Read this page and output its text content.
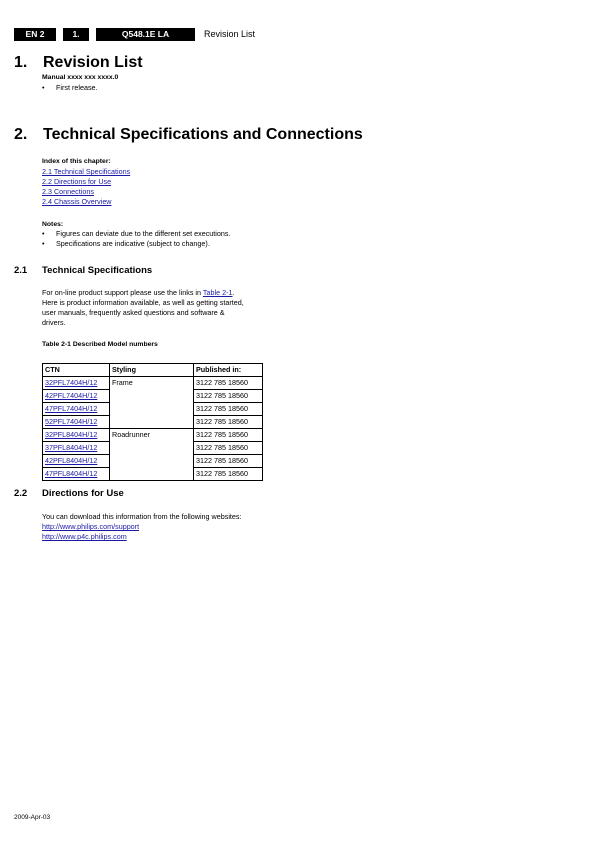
EN 2	1.	Q548.1E LA	Revision List
1. Revision List
Manual xxxx xxx xxxx.0
• First release.
2. Technical Specifications and Connections
Index of this chapter:
2.1 Technical Specifications
2.2 Directions for Use
2.3 Connections
2.4 Chassis Overview
Notes:
• Figures can deviate due to the different set executions.
• Specifications are indicative (subject to change).
2.1 Technical Specifications
For on-line product support please use the links in Table 2-1.
Here is product information available, as well as getting started,
user manuals, frequently asked questions and software &
drivers.
Table 2-1 Described Model numbers
CTN	Styling	Published in:
32PFL7404H/12	Frame	3122 785 18560
42PFL7404H/12		3122 785 18560
47PFL7404H/12		3122 785 18560
52PFL7404H/12		3122 785 18560
32PFL8404H/12	Roadrunner	3122 785 18560
37PFL8404H/12		3122 785 18560
42PFL8404H/12		3122 785 18560
47PFL8404H/12		3122 785 18560
2.2 Directions for Use
You can download this information from the following websites:
http://www.philips.com/support
http://www.p4c.philips.com
2009-Apr-03
